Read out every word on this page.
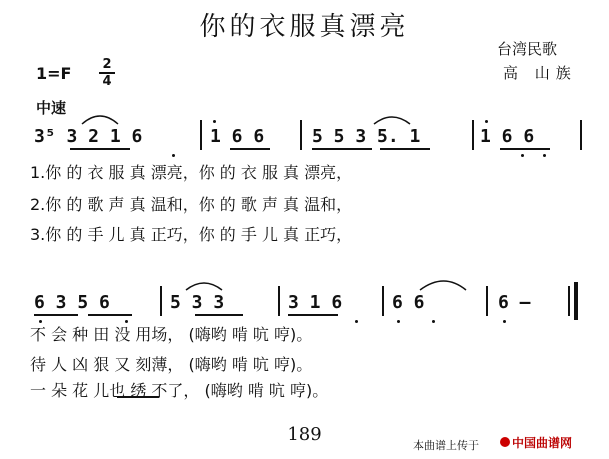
你的衣服真漂亮
台湾民歌
高 山族
1=F 2
4
中速
3⁵ 3 2 1 6	1 6 6	5 5 3 5. 1	1 6 6
1.你 的 衣 服 真 漂亮，你 的 衣 服 真 漂亮，
2.你 的 歌 声 真 温和，你 的 歌 声 真 温和，
3.你 的 手 儿 真 正巧，你 的 手 儿 真 正巧，
6 3 5 6	5 3 3	3 1 6	6 6	6 –
不 会 种 田 没 用场， (嗨哟 啃 吭 哼)。
待 人 凶 狠 又 刻薄， (嗨哟 啃 吭 哼)。
一 朵 花 儿也 绣 不了， (嗨哟 啃 吭 哼)。
189
本曲谱上传于	中国曲谱网
